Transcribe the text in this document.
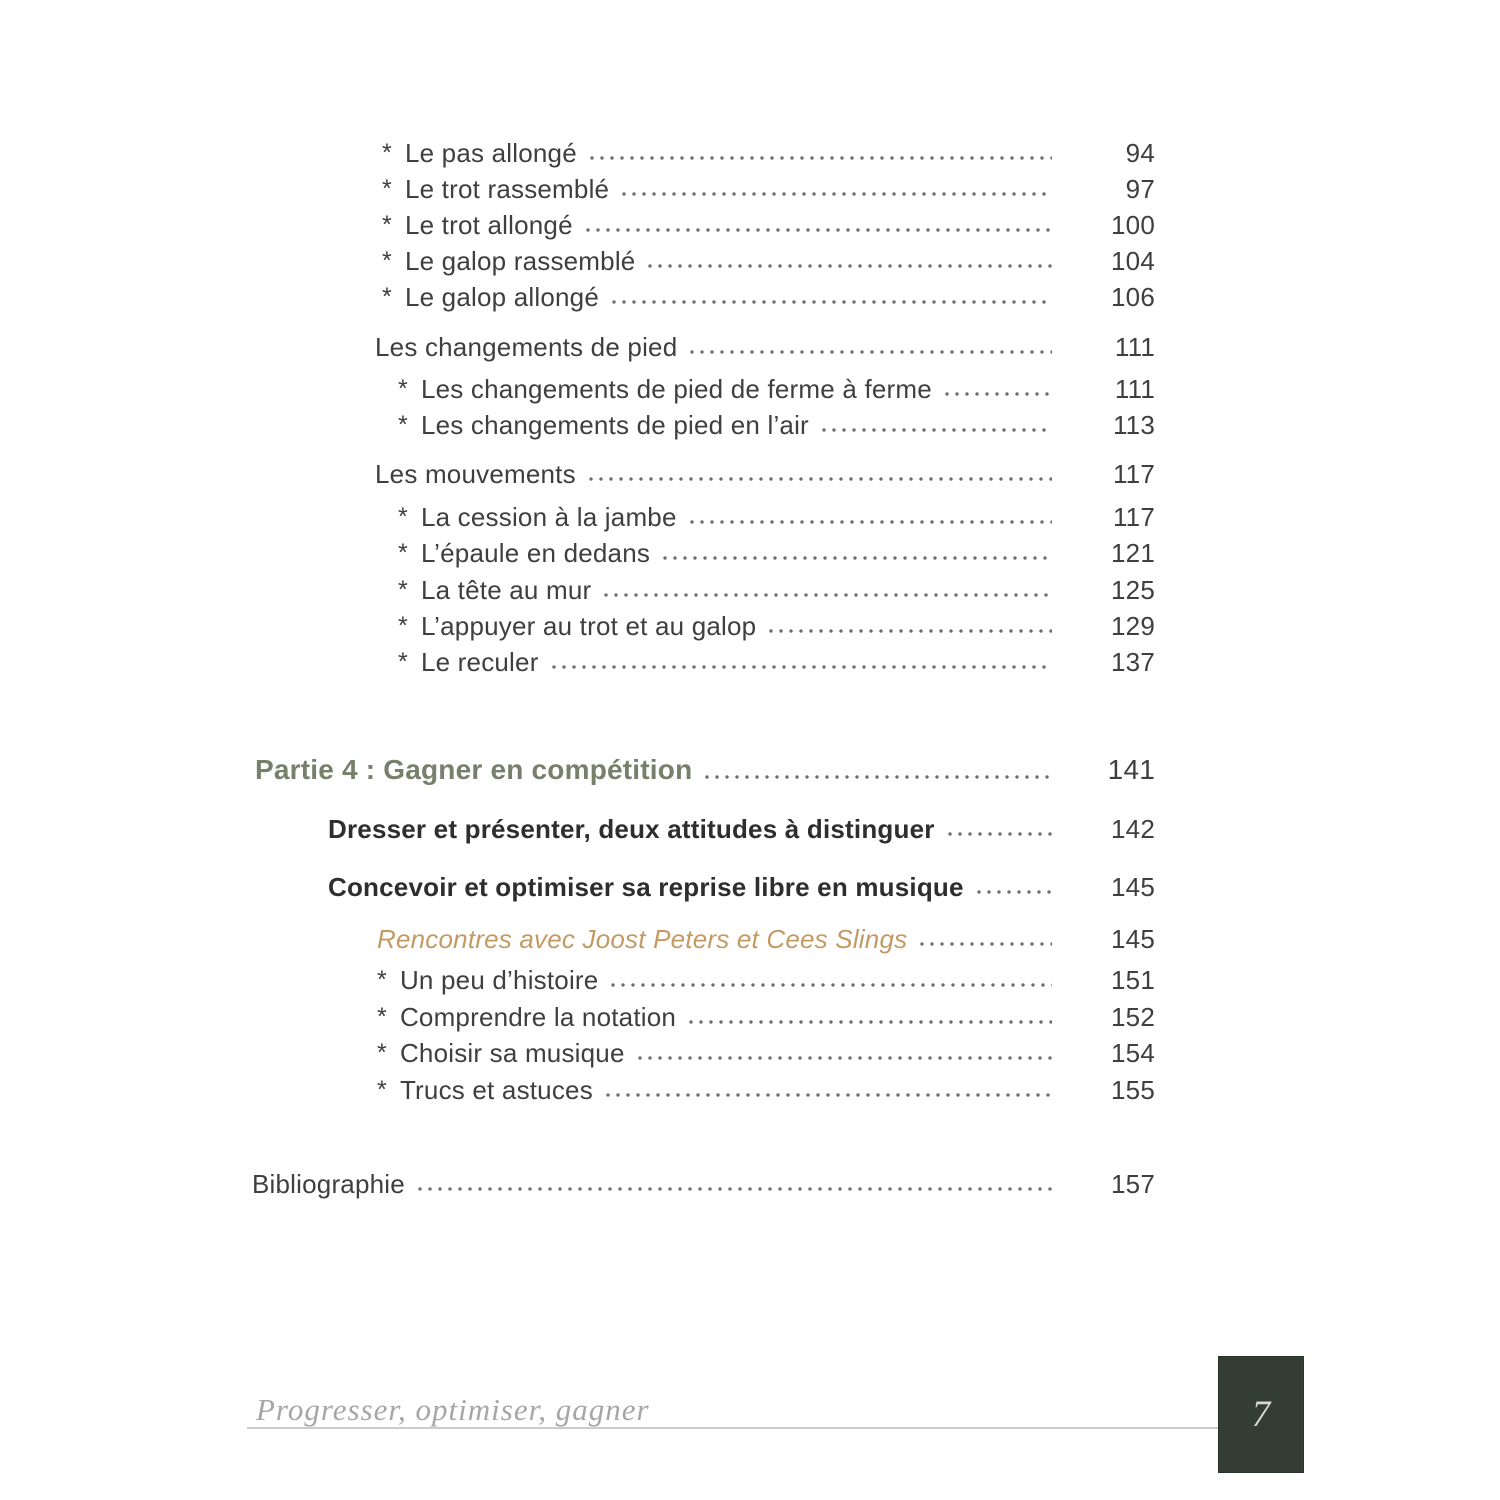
* Le pas allongé	94
* Le trot rassemblé	97
* Le trot allongé	100
* Le galop rassemblé	104
* Le galop allongé	106
Les changements de pied	111
* Les changements de pied de ferme à ferme	111
* Les changements de pied en l’air	113
Les mouvements	117
* La cession à la jambe	117
* L’épaule en dedans	121
* La tête au mur	125
* L’appuyer au trot et au galop	129
* Le reculer	137
Partie 4 : Gagner en compétition	141
Dresser et présenter, deux attitudes à distinguer	142
Concevoir et optimiser sa reprise libre en musique	145
Rencontres avec Joost Peters et Cees Slings	145
* Un peu d’histoire	151
* Comprendre la notation	152
* Choisir sa musique	154
* Trucs et astuces	155
Bibliographie	157
Progresser, optimiser, gagner	7
